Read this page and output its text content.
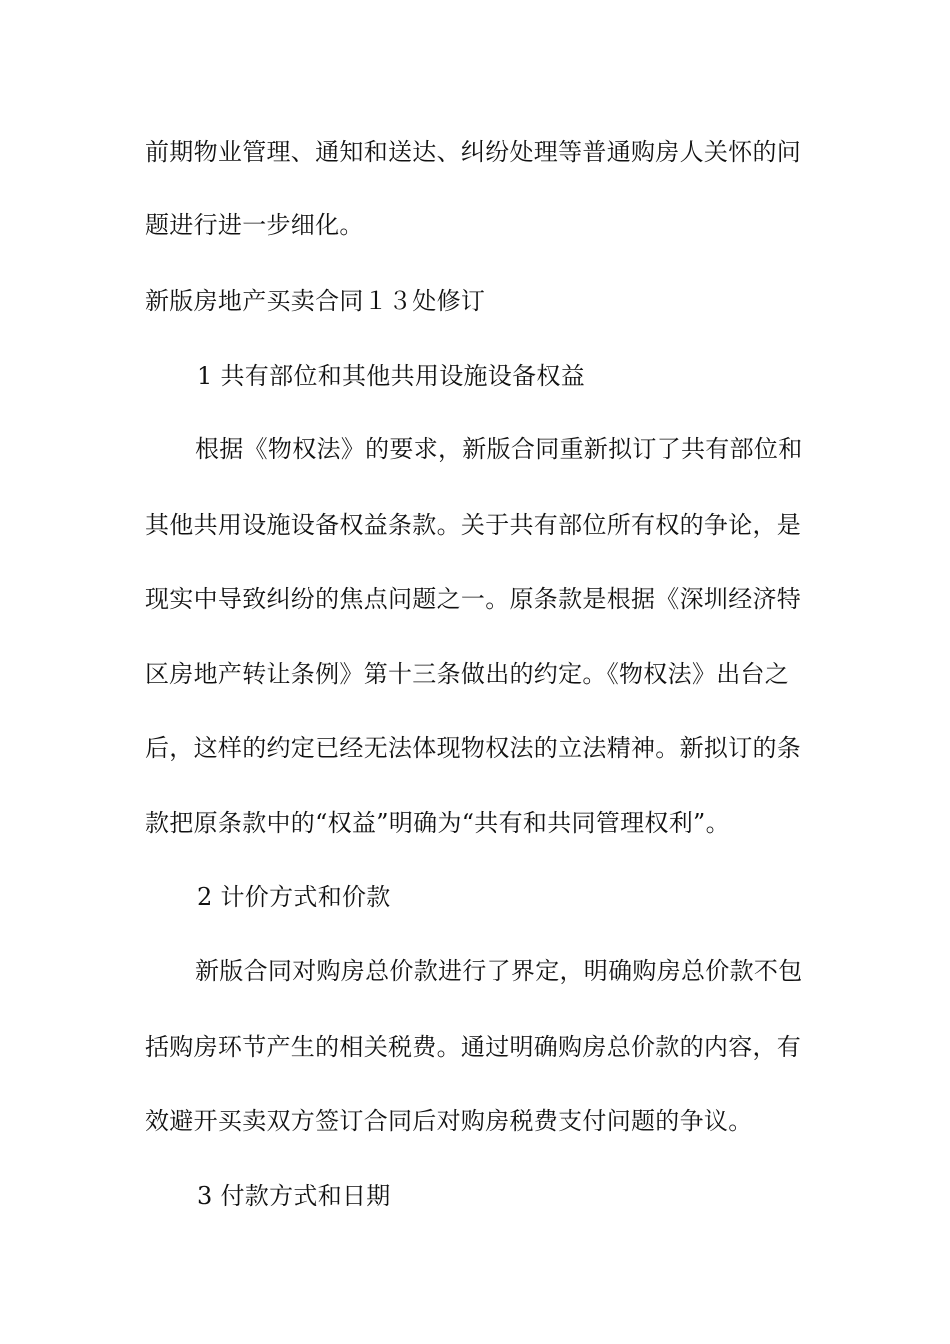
前期物业管理、通知和送达、纠纷处理等普通购房人关怀的问
题进行进一步细化。
新版房地产买卖合同１３处修订
1 共有部位和其他共用设施设备权益
根据《物权法》的要求，新版合同重新拟订了共有部位和
其他共用设施设备权益条款。关于共有部位所有权的争论，是
现实中导致纠纷的焦点问题之一。原条款是根据《深圳经济特
区房地产转让条例》第十三条做出的约定。《物权法》出台之
后，这样的约定已经无法体现物权法的立法精神。新拟订的条
款把原条款中的“权益”明确为“共有和共同管理权利”。
2 计价方式和价款
新版合同对购房总价款进行了界定，明确购房总价款不包
括购房环节产生的相关税费。通过明确购房总价款的内容，有
效避开买卖双方签订合同后对购房税费支付问题的争议。
3 付款方式和日期
